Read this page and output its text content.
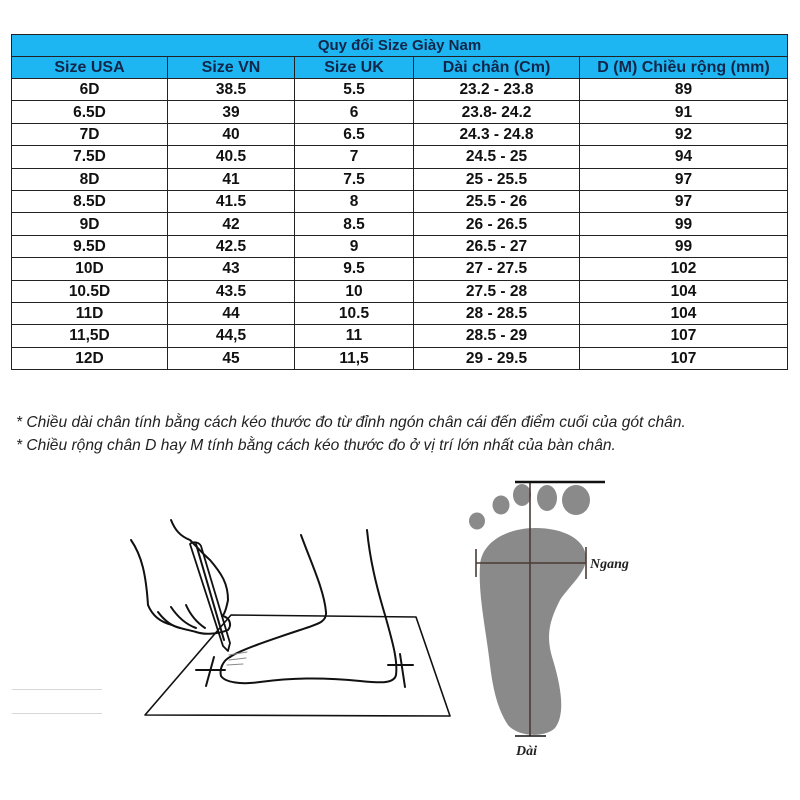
Quy đổi Size Giày Nam				
Size USA	Size VN	Size UK	Dài chân (Cm)	D (M) Chiều rộng (mm)
6D	38.5	5.5	23.2 - 23.8	89
6.5D	39	6	23.8- 24.2	91
7D	40	6.5	24.3 - 24.8	92
7.5D	40.5	7	24.5 - 25	94
8D	41	7.5	25 - 25.5	97
8.5D	41.5	8	25.5 - 26	97
9D	42	8.5	26 - 26.5	99
9.5D	42.5	9	26.5 - 27	99
10D	43	9.5	27 - 27.5	102
10.5D	43.5	10	27.5 - 28	104
11D	44	10.5	28 - 28.5	104
11,5D	44,5	11	28.5 - 29	107
12D	45	11,5	29 - 29.5	107
* Chiều dài chân tính bằng cách kéo thước đo từ đỉnh ngón chân cái đến điểm cuối của gót chân.
* Chiều rộng chân D hay M tính bằng cách kéo thước đo ở vị trí lớn nhất của bàn chân.
Ngang
Dài
